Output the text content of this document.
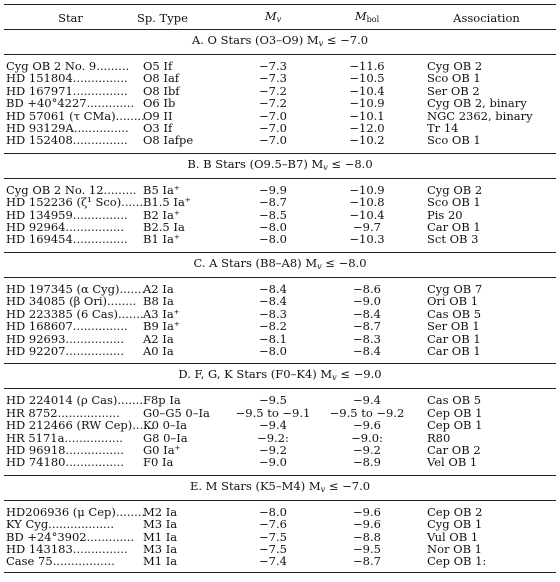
Star	Sp. Type	$M_v$	$M_{bol}$	Association
A. O Stars (O3–O9) $M_v \le -7.0$				

Cyg OB 2 No. 9.........	O5 If	−7.3	−11.6	Cyg OB 2
HD 151804...............	O8 Iaf	−7.3	−10.5	Sco OB 1
HD 167971...............	O8 Ibf	−7.2	−10.4	Ser OB 2
BD +40°4227.............	O6 Ib	−7.2	−10.9	Cyg OB 2, binary
HD 57061 (τ CMa)........	O9 II	−7.0	−10.1	NGC 2362, binary
HD 93129A...............	O3 If	−7.0	−12.0	Tr 14
HD 152408...............	O8 Iafpe	−7.0	−10.2	Sco OB 1

B. B Stars (O9.5–B7) $M_v \le -8.0$				

Cyg OB 2 No. 12.........	B5 Ia⁺	−9.9	−10.9	Cyg OB 2
HD 152236 (ζ¹ Sco)......	B1.5 Ia⁺	−8.7	−10.8	Sco OB 1
HD 134959...............	B2 Ia⁺	−8.5	−10.4	Pis 20
HD 92964................	B2.5 Ia	−8.0	−9.7	Car OB 1
HD 169454...............	B1 Ia⁺	−8.0	−10.3	Sct OB 3

C. A Stars (B8–A8) $M_v \le -8.0$				

HD 197345 (α Cyg).......	A2 Ia	−8.4	−8.6	Cyg OB 7
HD 34085 (β Ori)........	B8 Ia	−8.4	−9.0	Ori OB 1
HD 223385 (6 Cas).......	A3 Ia⁺	−8.3	−8.4	Cas OB 5
HD 168607...............	B9 Ia⁺	−8.2	−8.7	Ser OB 1
HD 92693................	A2 Ia	−8.1	−8.3	Car OB 1
HD 92207................	A0 Ia	−8.0	−8.4	Car OB 1

D. F, G, K Stars (F0–K4) $M_v \le -9.0$				

HD 224014 (ρ Cas).......	F8p Ia	−9.5	−9.4	Cas OB 5
HR 8752.................	G0–G5 0–Ia	−9.5 to −9.1	−9.5 to −9.2	Cep OB 1
HD 212466 (RW Cep)......	K0 0–Ia	−9.4	−9.6	Cep OB 1
HR 5171a................	G8 0–Ia	−9.2:	−9.0:	R80
HD 96918................	G0 Ia⁺	−9.2	−9.2	Car OB 2
HD 74180................	F0 Ia	−9.0	−8.9	Vel OB 1

E. M Stars (K5–M4) $M_v \le -7.0$				

HD206936 (μ Cep)........	M2 Ia	−8.0	−9.6	Cep OB 2
KY Cyg..................	M3 Ia	−7.6	−9.6	Cyg OB 1
BD +24°3902.............	M1 Ia	−7.5	−8.8	Vul OB 1
HD 143183...............	M3 Ia	−7.5	−9.5	Nor OB 1
Case 75.................	M1 Ia	−7.4	−8.7	Cep OB 1:
